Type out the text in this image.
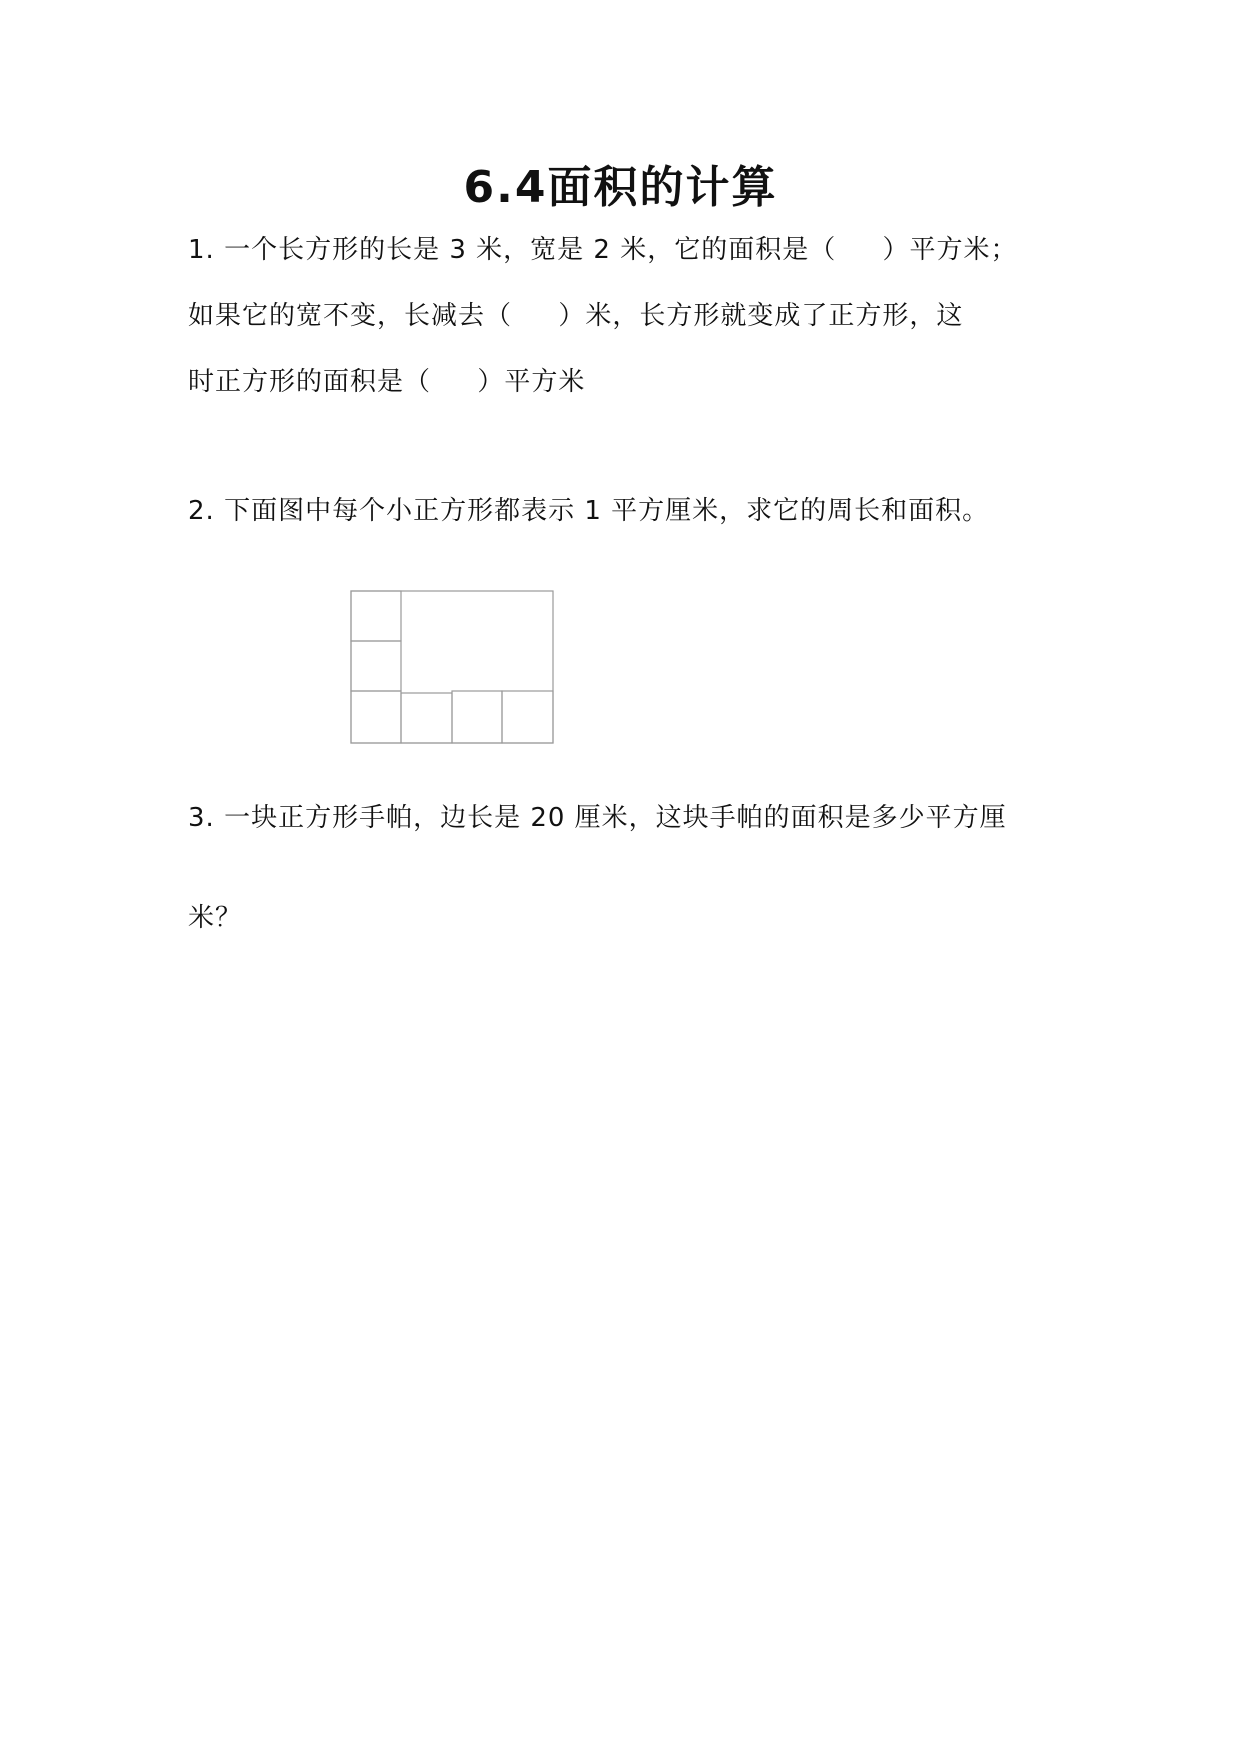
6.4面积的计算
1. 一个长方形的长是 3 米，宽是 2 米，它的面积是（     ）平方米；
如果它的宽不变，长减去（     ）米，长方形就变成了正方形，这
时正方形的面积是（     ）平方米
2. 下面图中每个小正方形都表示 1 平方厘米，求它的周长和面积。
3. 一块正方形手帕，边长是 20 厘米，这块手帕的面积是多少平方厘
米？
